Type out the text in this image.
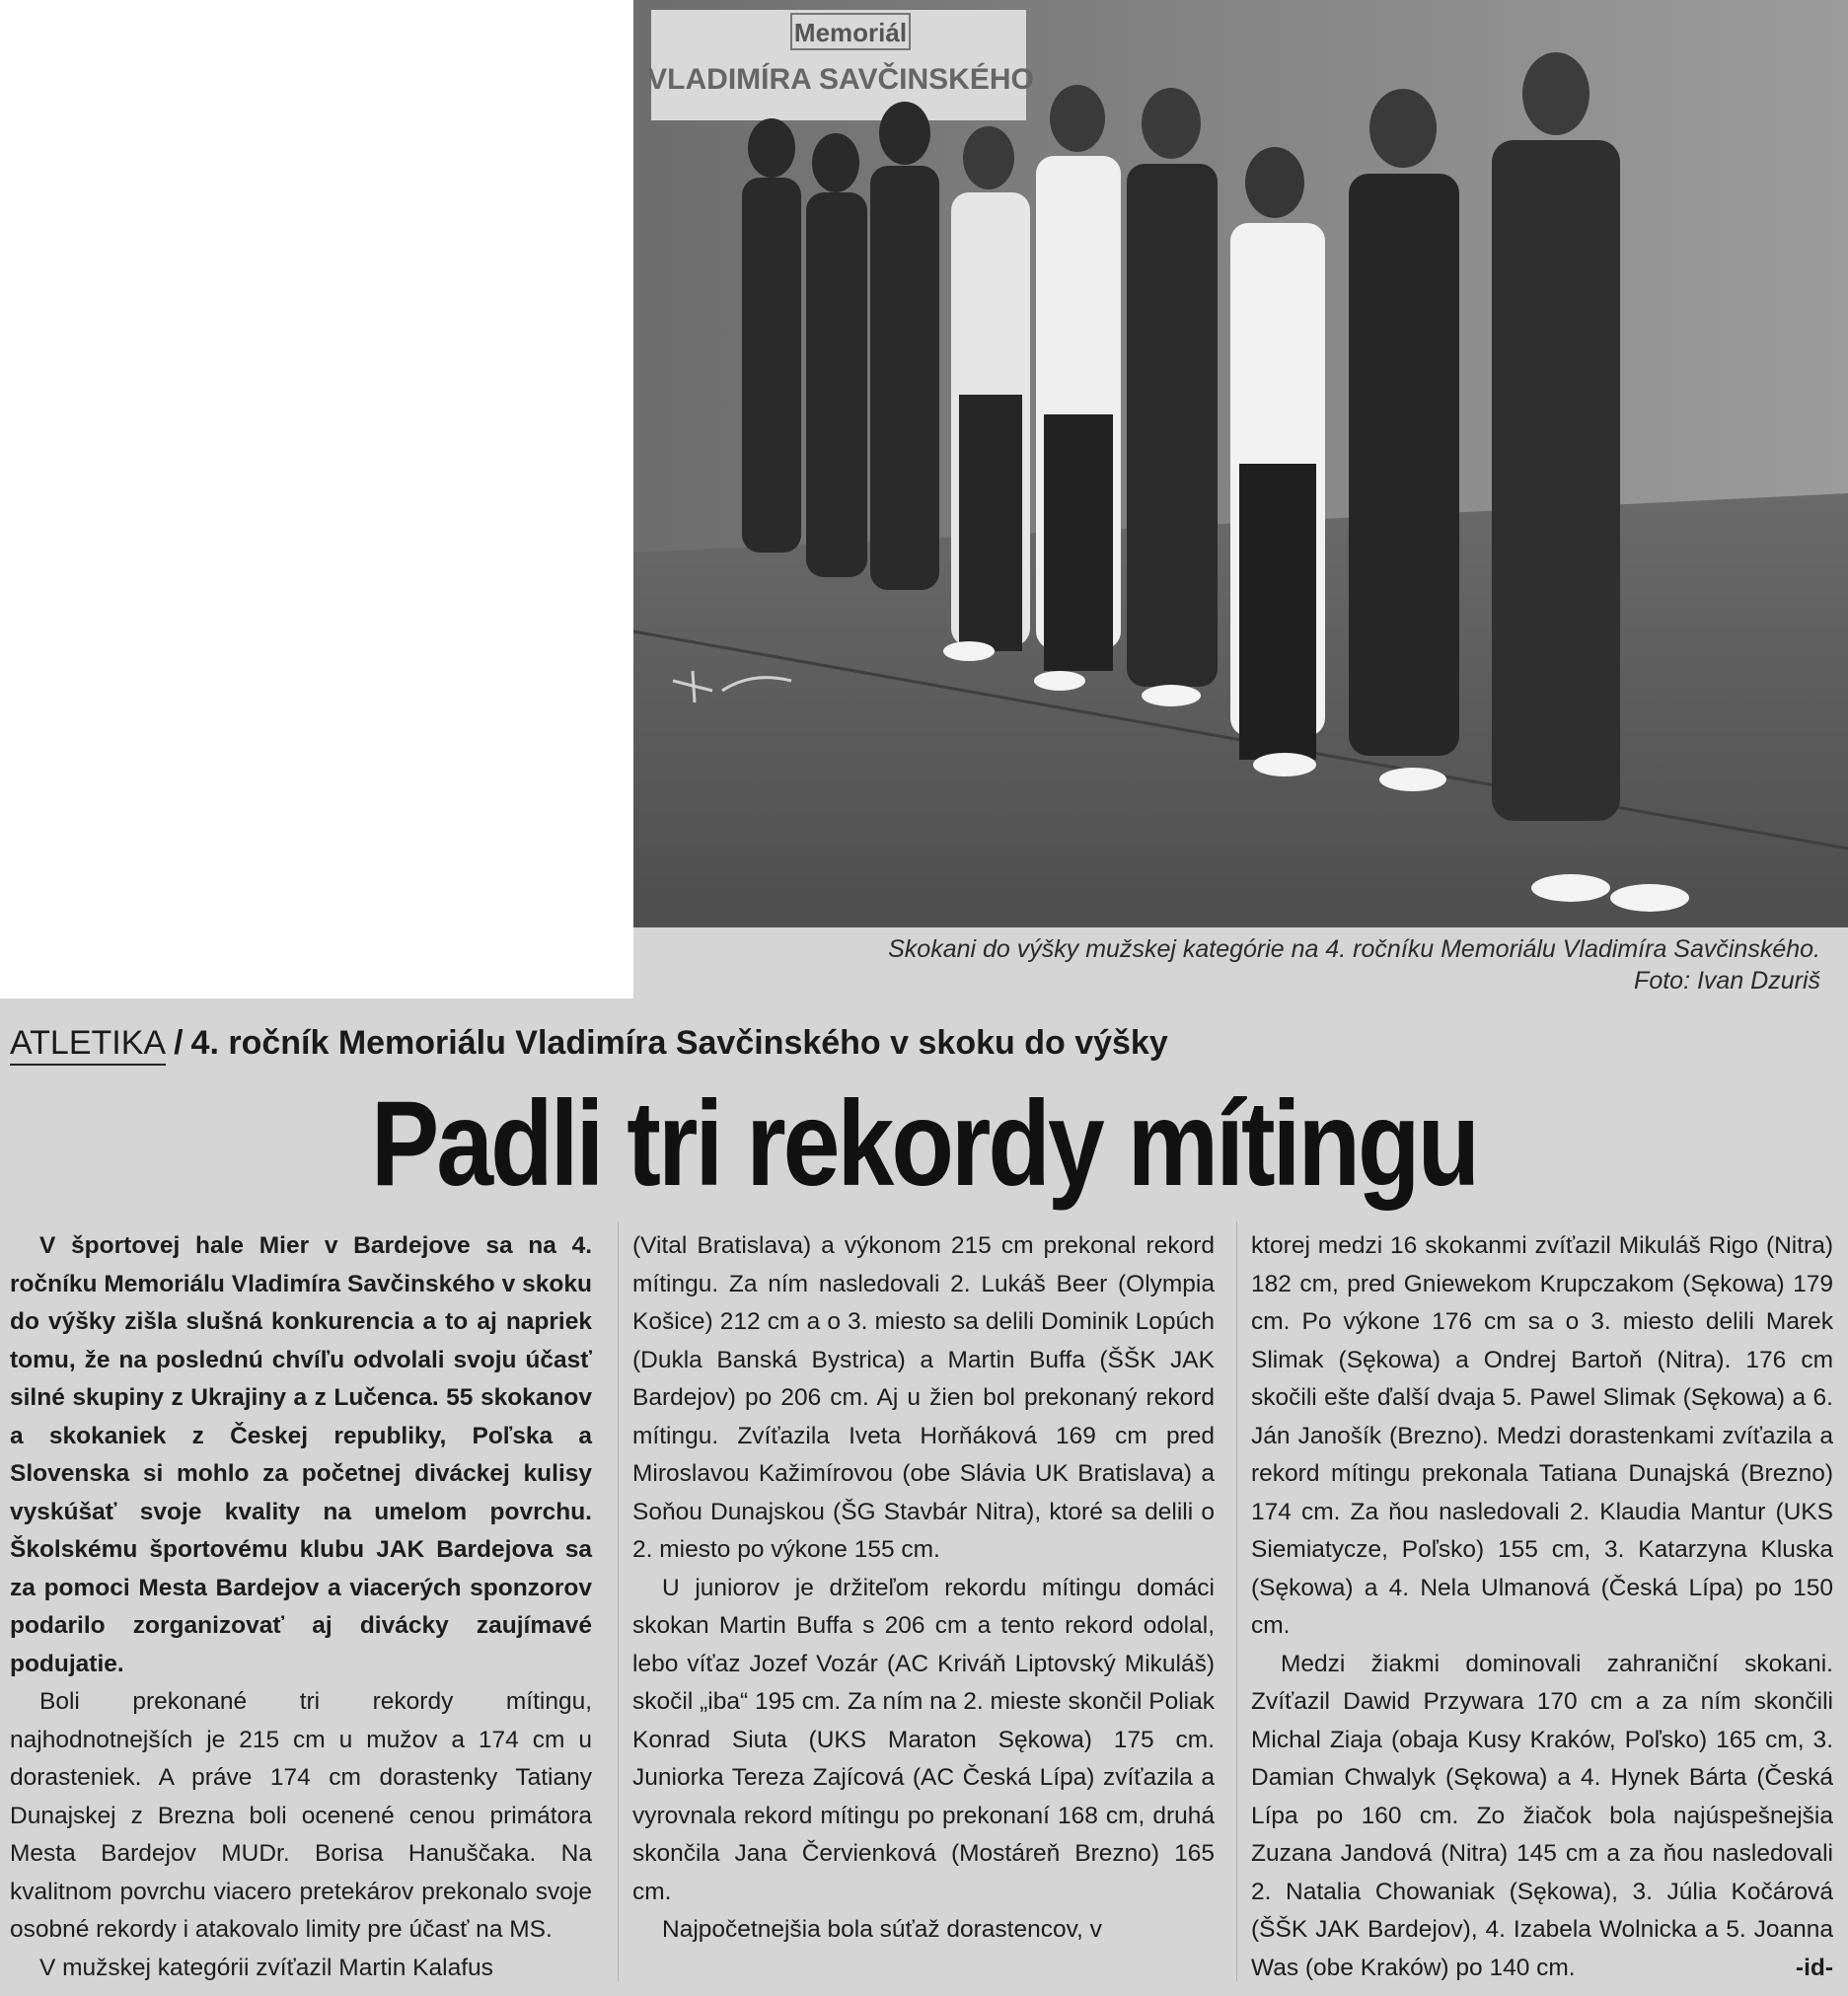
Memoriál
VLADIMÍRA SAVČINSKÉHO
Skokani do výšky mužskej kategórie na 4. ročníku Memoriálu Vladimíra Savčinského.
Foto: Ivan Dzuriš
ATLETIKA / 4. ročník Memoriálu Vladimíra Savčinského v skoku do výšky
Padli tri rekordy mítingu

V športovej hale Mier v Bardejove sa na 4. ročníku Memoriálu Vladimíra Savčinského v skoku do výšky zišla slušná konkurencia a to aj napriek tomu, že na poslednú chvíľu odvolali svoju účasť silné skupiny z Ukrajiny a z Lučenca. 55 skokanov a skokaniek z Českej republiky, Poľska a Slovenska si mohlo za početnej diváckej kulisy vyskúšať svoje kvality na umelom povrchu. Školskému športovému klubu JAK Bardejova sa za pomoci Mesta Bardejov a viacerých sponzorov podarilo zorganizovať aj divácky zaujímavé podujatie.

Boli prekonané tri rekordy mítingu, najhodnotnejších je 215 cm u mužov a 174 cm u dorasteniek. A práve 174 cm dorastenky Tatiany Dunajskej z Brezna boli ocenené cenou primátora Mesta Bardejov MUDr. Borisa Hanuščaka. Na kvalitnom povrchu viacero pretekárov prekonalo svoje osobné rekordy i atakovalo limity pre účasť na MS.

V mužskej kategórii zvíťazil Martin Kalafus

(Vital Bratislava) a výkonom 215 cm prekonal rekord mítingu. Za ním nasledovali 2. Lukáš Beer (Olympia Košice) 212 cm a o 3. miesto sa delili Dominik Lopúch (Dukla Banská Bystrica) a Martin Buffa (ŠŠK JAK Bardejov) po 206 cm. Aj u žien bol prekonaný rekord mítingu. Zvíťazila Iveta Horňáková 169 cm pred Miroslavou Kažimírovou (obe Slávia UK Bratislava) a Soňou Dunajskou (ŠG Stavbár Nitra), ktoré sa delili o 2. miesto po výkone 155 cm.

U juniorov je držiteľom rekordu mítingu domáci skokan Martin Buffa s 206 cm a tento rekord odolal, lebo víťaz Jozef Vozár (AC Kriváň Liptovský Mikuláš) skočil „iba“ 195 cm. Za ním na 2. mieste skončil Poliak Konrad Siuta (UKS Maraton Sękowa) 175 cm. Juniorka Tereza Zajícová (AC Česká Lípa) zvíťazila a vyrovnala rekord mítingu po prekonaní 168 cm, druhá skončila Jana Červienková (Mostáreň Brezno) 165 cm.

Najpočetnejšia bola súťaž dorastencov, v

ktorej medzi 16 skokanmi zvíťazil Mikuláš Rigo (Nitra) 182 cm, pred Gniewekom Krupczakom (Sękowa) 179 cm. Po výkone 176 cm sa o 3. miesto delili Marek Slimak (Sękowa) a Ondrej Bartoň (Nitra). 176 cm skočili ešte ďalší dvaja 5. Pawel Slimak (Sękowa) a 6. Ján Janošík (Brezno). Medzi dorastenkami zvíťazila a rekord mítingu prekonala Tatiana Dunajská (Brezno) 174 cm. Za ňou nasledovali 2. Klaudia Mantur (UKS Siemiatycze, Poľsko) 155 cm, 3. Katarzyna Kluska (Sękowa) a 4. Nela Ulmanová (Česká Lípa) po 150 cm.

Medzi žiakmi dominovali zahraniční skokani. Zvíťazil Dawid Przywara 170 cm a za ním skončili Michal Ziaja (obaja Kusy Kraków, Poľsko) 165 cm, 3. Damian Chwalyk (Sękowa) a 4. Hynek Bárta (Česká Lípa po 160 cm. Zo žiačok bola najúspešnejšia Zuzana Jandová (Nitra) 145 cm a za ňou nasledovali 2. Natalia Chowaniak (Sękowa), 3. Júlia Kočárová (ŠŠK JAK Bardejov), 4. Izabela Wolnicka a 5. Joanna Was (obe Kraków) po 140 cm.	-id-
